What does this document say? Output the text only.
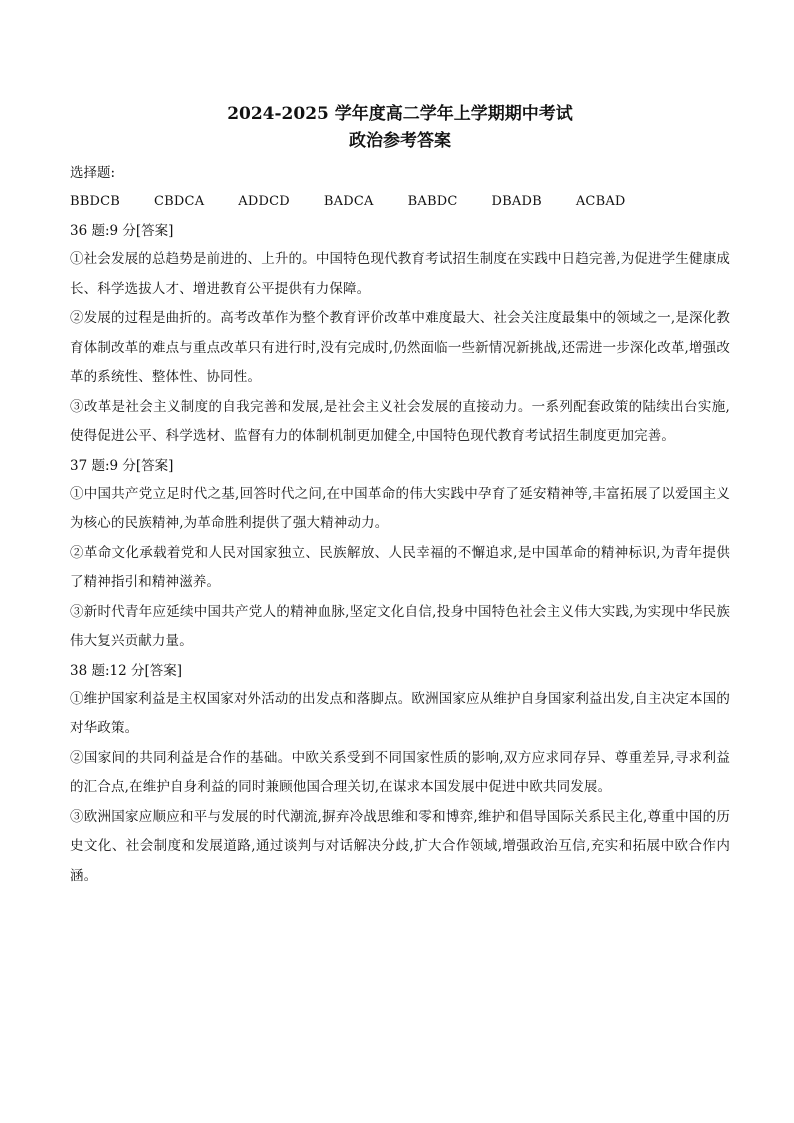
2024-2025 学年度高二学年上学期期中考试

政治参考答案

选择题:

BBDCB	CBDCA	ADDCD	BADCA	BABDC	DBADB	ACBAD

36 题:9 分[答案]

①社会发展的总趋势是前进的、上升的。中国特色现代教育考试招生制度在实践中日趋完善,为促进学生健康成长、科学选拔人才、增进教育公平提供有力保障。

②发展的过程是曲折的。高考改革作为整个教育评价改革中难度最大、社会关注度最集中的领域之一,是深化教育体制改革的难点与重点改革只有进行时,没有完成时,仍然面临一些新情况新挑战,还需进一步深化改革,增强改革的系统性、整体性、协同性。

③改革是社会主义制度的自我完善和发展,是社会主义社会发展的直接动力。一系列配套政策的陆续出台实施,使得促进公平、科学选材、监督有力的体制机制更加健全,中国特色现代教育考试招生制度更加完善。

37 题:9 分[答案]

①中国共产党立足时代之基,回答时代之问,在中国革命的伟大实践中孕育了延安精神等,丰富拓展了以爱国主义为核心的民族精神,为革命胜利提供了强大精神动力。

②革命文化承载着党和人民对国家独立、民族解放、人民幸福的不懈追求,是中国革命的精神标识,为青年提供了精神指引和精神滋养。

③新时代青年应延续中国共产党人的精神血脉,坚定文化自信,投身中国特色社会主义伟大实践,为实现中华民族伟大复兴贡献力量。

38 题:12 分[答案]

①维护国家利益是主权国家对外活动的出发点和落脚点。欧洲国家应从维护自身国家利益出发,自主决定本国的对华政策。

②国家间的共同利益是合作的基础。中欧关系受到不同国家性质的影响,双方应求同存异、尊重差异,寻求利益的汇合点,在维护自身利益的同时兼顾他国合理关切,在谋求本国发展中促进中欧共同发展。

③欧洲国家应顺应和平与发展的时代潮流,摒弃冷战思维和零和博弈,维护和倡导国际关系民主化,尊重中国的历史文化、社会制度和发展道路,通过谈判与对话解决分歧,扩大合作领域,增强政治互信,充实和拓展中欧合作内涵。
